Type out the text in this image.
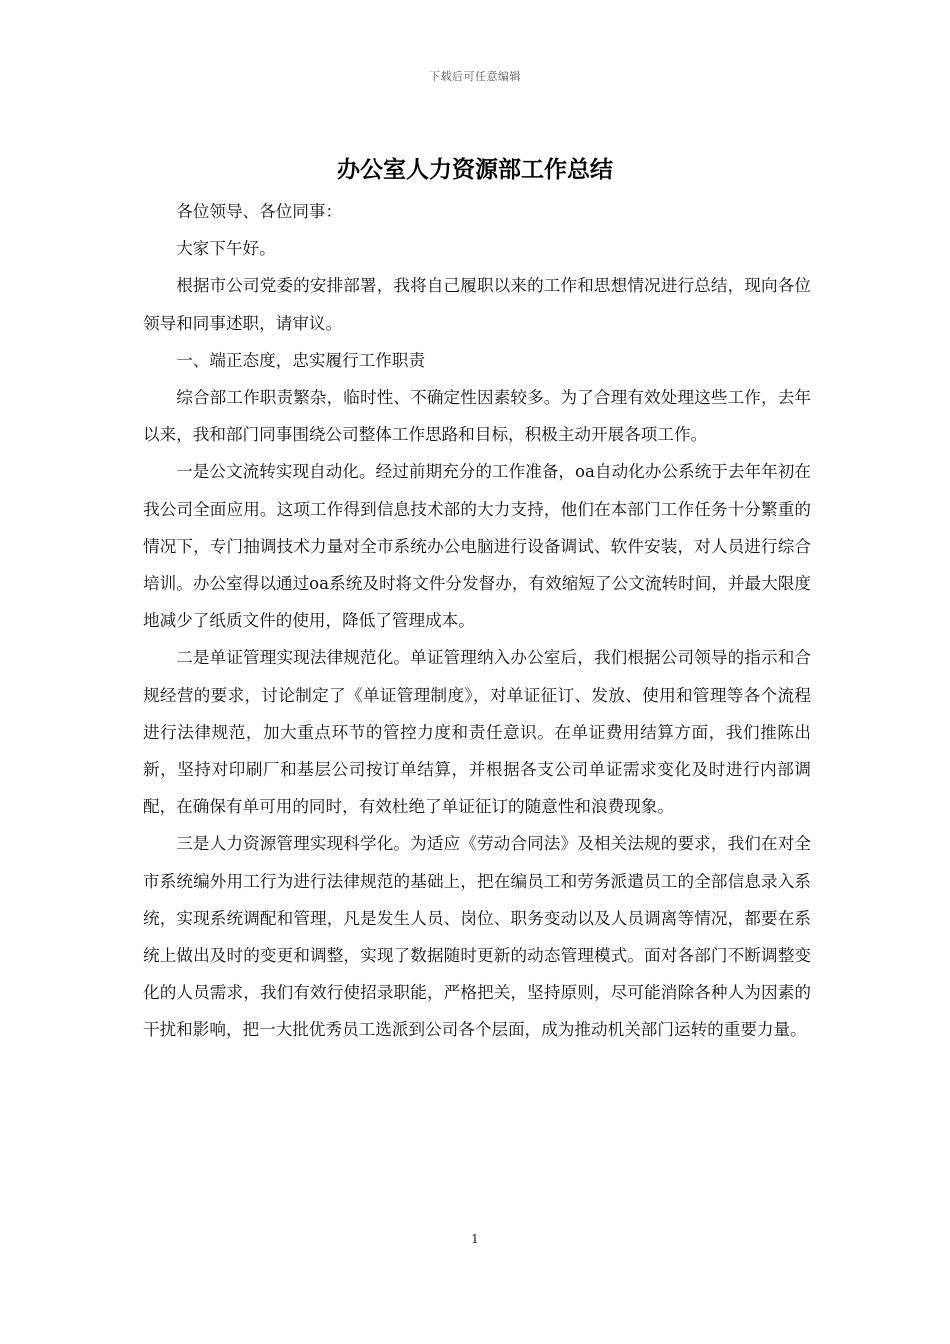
下载后可任意编辑
办公室人力资源部工作总结

各位领导、各位同事：

大家下午好。

根据市公司党委的安排部署，我将自己履职以来的工作和思想情况进行总结，现向各位领导和同事述职，请审议。

一、端正态度，忠实履行工作职责

综合部工作职责繁杂，临时性、不确定性因素较多。为了合理有效处理这些工作，去年以来，我和部门同事围绕公司整体工作思路和目标，积极主动开展各项工作。

一是公文流转实现自动化。经过前期充分的工作准备，oa自动化办公系统于去年年初在我公司全面应用。这项工作得到信息技术部的大力支持，他们在本部门工作任务十分繁重的情况下，专门抽调技术力量对全市系统办公电脑进行设备调试、软件安装，对人员进行综合培训。办公室得以通过oa系统及时将文件分发督办，有效缩短了公文流转时间，并最大限度地减少了纸质文件的使用，降低了管理成本。

二是单证管理实现法律规范化。单证管理纳入办公室后，我们根据公司领导的指示和合规经营的要求，讨论制定了《单证管理制度》，对单证征订、发放、使用和管理等各个流程进行法律规范，加大重点环节的管控力度和责任意识。在单证费用结算方面，我们推陈出新，坚持对印刷厂和基层公司按订单结算，并根据各支公司单证需求变化及时进行内部调配，在确保有单可用的同时，有效杜绝了单证征订的随意性和浪费现象。

三是人力资源管理实现科学化。为适应《劳动合同法》及相关法规的要求，我们在对全市系统编外用工行为进行法律规范的基础上，把在编员工和劳务派遣员工的全部信息录入系统，实现系统调配和管理，凡是发生人员、岗位、职务变动以及人员调离等情况，都要在系统上做出及时的变更和调整，实现了数据随时更新的动态管理模式。面对各部门不断调整变化的人员需求，我们有效行使招录职能，严格把关，坚持原则，尽可能消除各种人为因素的干扰和影响，把一大批优秀员工选派到公司各个层面，成为推动机关部门运转的重要力量。

1
